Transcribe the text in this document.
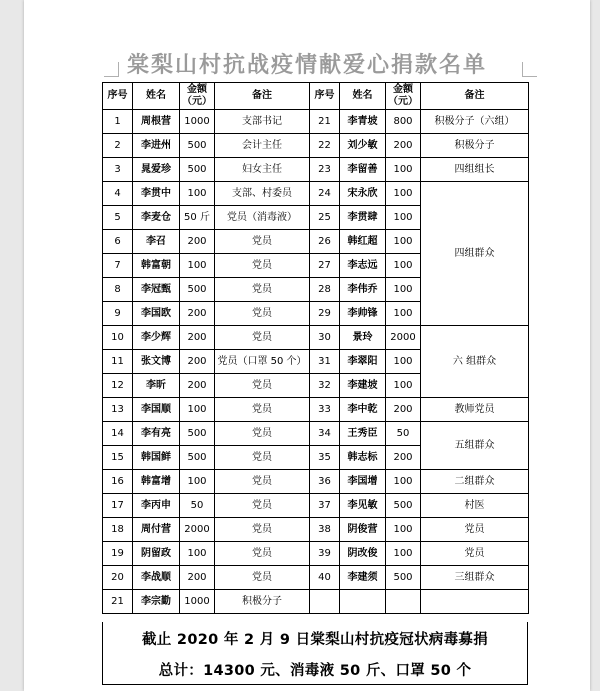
棠梨山村抗战疫情献爱心捐款名单
序号	姓名	金额（元）	备注	序号	姓名	金额（元）	备注
1	周根营	1000	支部书记	21	李青坡	800	积极分子（六组）
2	李进州	500	会计主任	22	刘少敏	200	积极分子
3	晁爱珍	500	妇女主任	23	李留善	100	四组组长
4	李贯中	100	支部、村委员	24	宋永欣	100	四组群众
5	李麦仓	50 斤	党员（消毒液）	25	李贯肆	100	
6	李召	200	党员	26	韩红超	100	
7	韩富朝	100	党员	27	李志远	100	
8	李冠甄	500	党员	28	李伟乔	100	
9	李国欧	200	党员	29	李帅锋	100	
10	李少辉	200	党员	30	景玲	2000	六 组群众
11	张文博	200	党员（口罩 50 个）	31	李翠阳	100	
12	李昕	200	党员	32	李建坡	100	
13	李国顺	100	党员	33	李中乾	200	教师党员
14	李有亮	500	党员	34	王秀臣	50	五组群众
15	韩国鲜	500	党员	35	韩志标	200	
16	韩富增	100	党员	36	李国增	100	二组群众
17	李丙申	50	党员	37	李见敏	500	村医
18	周付营	2000	党员	38	阴俊营	100	党员
19	阴留政	100	党员	39	阴改俊	100	党员
20	李战顺	200	党员	40	李建须	500	三组群众
21	李宗勤	1000	积极分子				
截止 2020 年 2 月 9 日棠梨山村抗疫冠状病毒募捐
总计：14300 元、消毒液 50 斤、口罩 50 个
